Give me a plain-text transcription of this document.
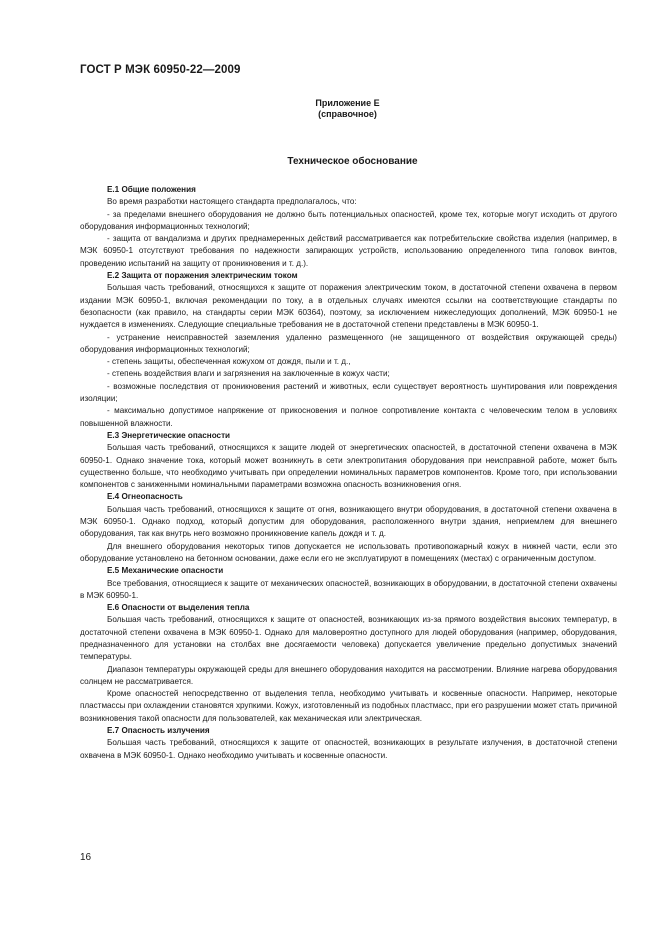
ГОСТ Р МЭК 60950-22—2009
Приложение Е
(справочное)
Техническое обоснование

Е.1 Общие положения

Во время разработки настоящего стандарта предполагалось, что:

- за пределами внешнего оборудования не должно быть потенциальных опасностей, кроме тех, которые могут исходить от другого оборудования информационных технологий;

- защита от вандализма и других преднамеренных действий рассматривается как потребительские свойства изделия (например, в МЭК 60950-1 отсутствуют требования по надежности запирающих устройств, использованию определенного типа головок винтов, проведению испытаний на защиту от проникновения и т. д.).

Е.2 Защита от поражения электрическим током

Большая часть требований, относящихся к защите от поражения электрическим током, в достаточной степени охвачена в первом издании МЭК 60950-1, включая рекомендации по току, а в отдельных случаях имеются ссылки на соответствующие стандарты по безопасности (как правило, на стандарты серии МЭК 60364), поэтому, за исключением нижеследующих дополнений, МЭК 60950-1 не нуждается в изменениях. Следующие специальные требования не в достаточной степени представлены в МЭК 60950-1.

- устранение неисправностей заземления удаленно размещенного (не защищенного от воздействия окружающей среды) оборудования информационных технологий;

- степень защиты, обеспеченная кожухом от дождя, пыли и т. д.,

- степень воздействия влаги и загрязнения на заключенные в кожух части;

- возможные последствия от проникновения растений и животных, если существует вероятность шунтирования или повреждения изоляции;

- максимально допустимое напряжение от прикосновения и полное сопротивление контакта с человеческим телом в условиях повышенной влажности.

Е.3 Энергетические опасности

Большая часть требований, относящихся к защите людей от энергетических опасностей, в достаточной степени охвачена в МЭК 60950-1. Однако значение тока, который может возникнуть в сети электропитания оборудования при неисправной работе, может быть существенно больше, что необходимо учитывать при определении номинальных параметров компонентов. Кроме того, при использовании компонентов с заниженными номинальными параметрами возможна опасность возникновения огня.

Е.4 Огнеопасность

Большая часть требований, относящихся к защите от огня, возникающего внутри оборудования, в достаточной степени охвачена в МЭК 60950-1. Однако подход, который допустим для оборудования, расположенного внутри здания, неприемлем для внешнего оборудования, так как внутрь него возможно проникновение капель дождя и т. д.

Для внешнего оборудования некоторых типов допускается не использовать противопожарный кожух в нижней части, если это оборудование установлено на бетонном основании, даже если его не эксплуатируют в помещениях (местах) с ограниченным доступом.

Е.5 Механические опасности

Все требования, относящиеся к защите от механических опасностей, возникающих в оборудовании, в достаточной степени охвачены в МЭК 60950-1.

Е.6 Опасности от выделения тепла

Большая часть требований, относящихся к защите от опасностей, возникающих из-за прямого воздействия высоких температур, в достаточной степени охвачена в МЭК 60950-1. Однако для маловероятно доступного для людей оборудования (например, оборудования, предназначенного для установки на столбах вне досягаемости человека) допускается увеличение предельно допустимых значений температуры.

Диапазон температуры окружающей среды для внешнего оборудования находится на рассмотрении. Влияние нагрева оборудования солнцем не рассматривается.

Кроме опасностей непосредственно от выделения тепла, необходимо учитывать и косвенные опасности. Например, некоторые пластмассы при охлаждении становятся хрупкими. Кожух, изготовленный из подобных пластмасс, при его разрушении может стать причиной возникновения такой опасности для пользователей, как механическая или электрическая.

Е.7 Опасность излучения

Большая часть требований, относящихся к защите от опасностей, возникающих в результате излучения, в достаточной степени охвачена в МЭК 60950-1. Однако необходимо учитывать и косвенные опасности.

16
